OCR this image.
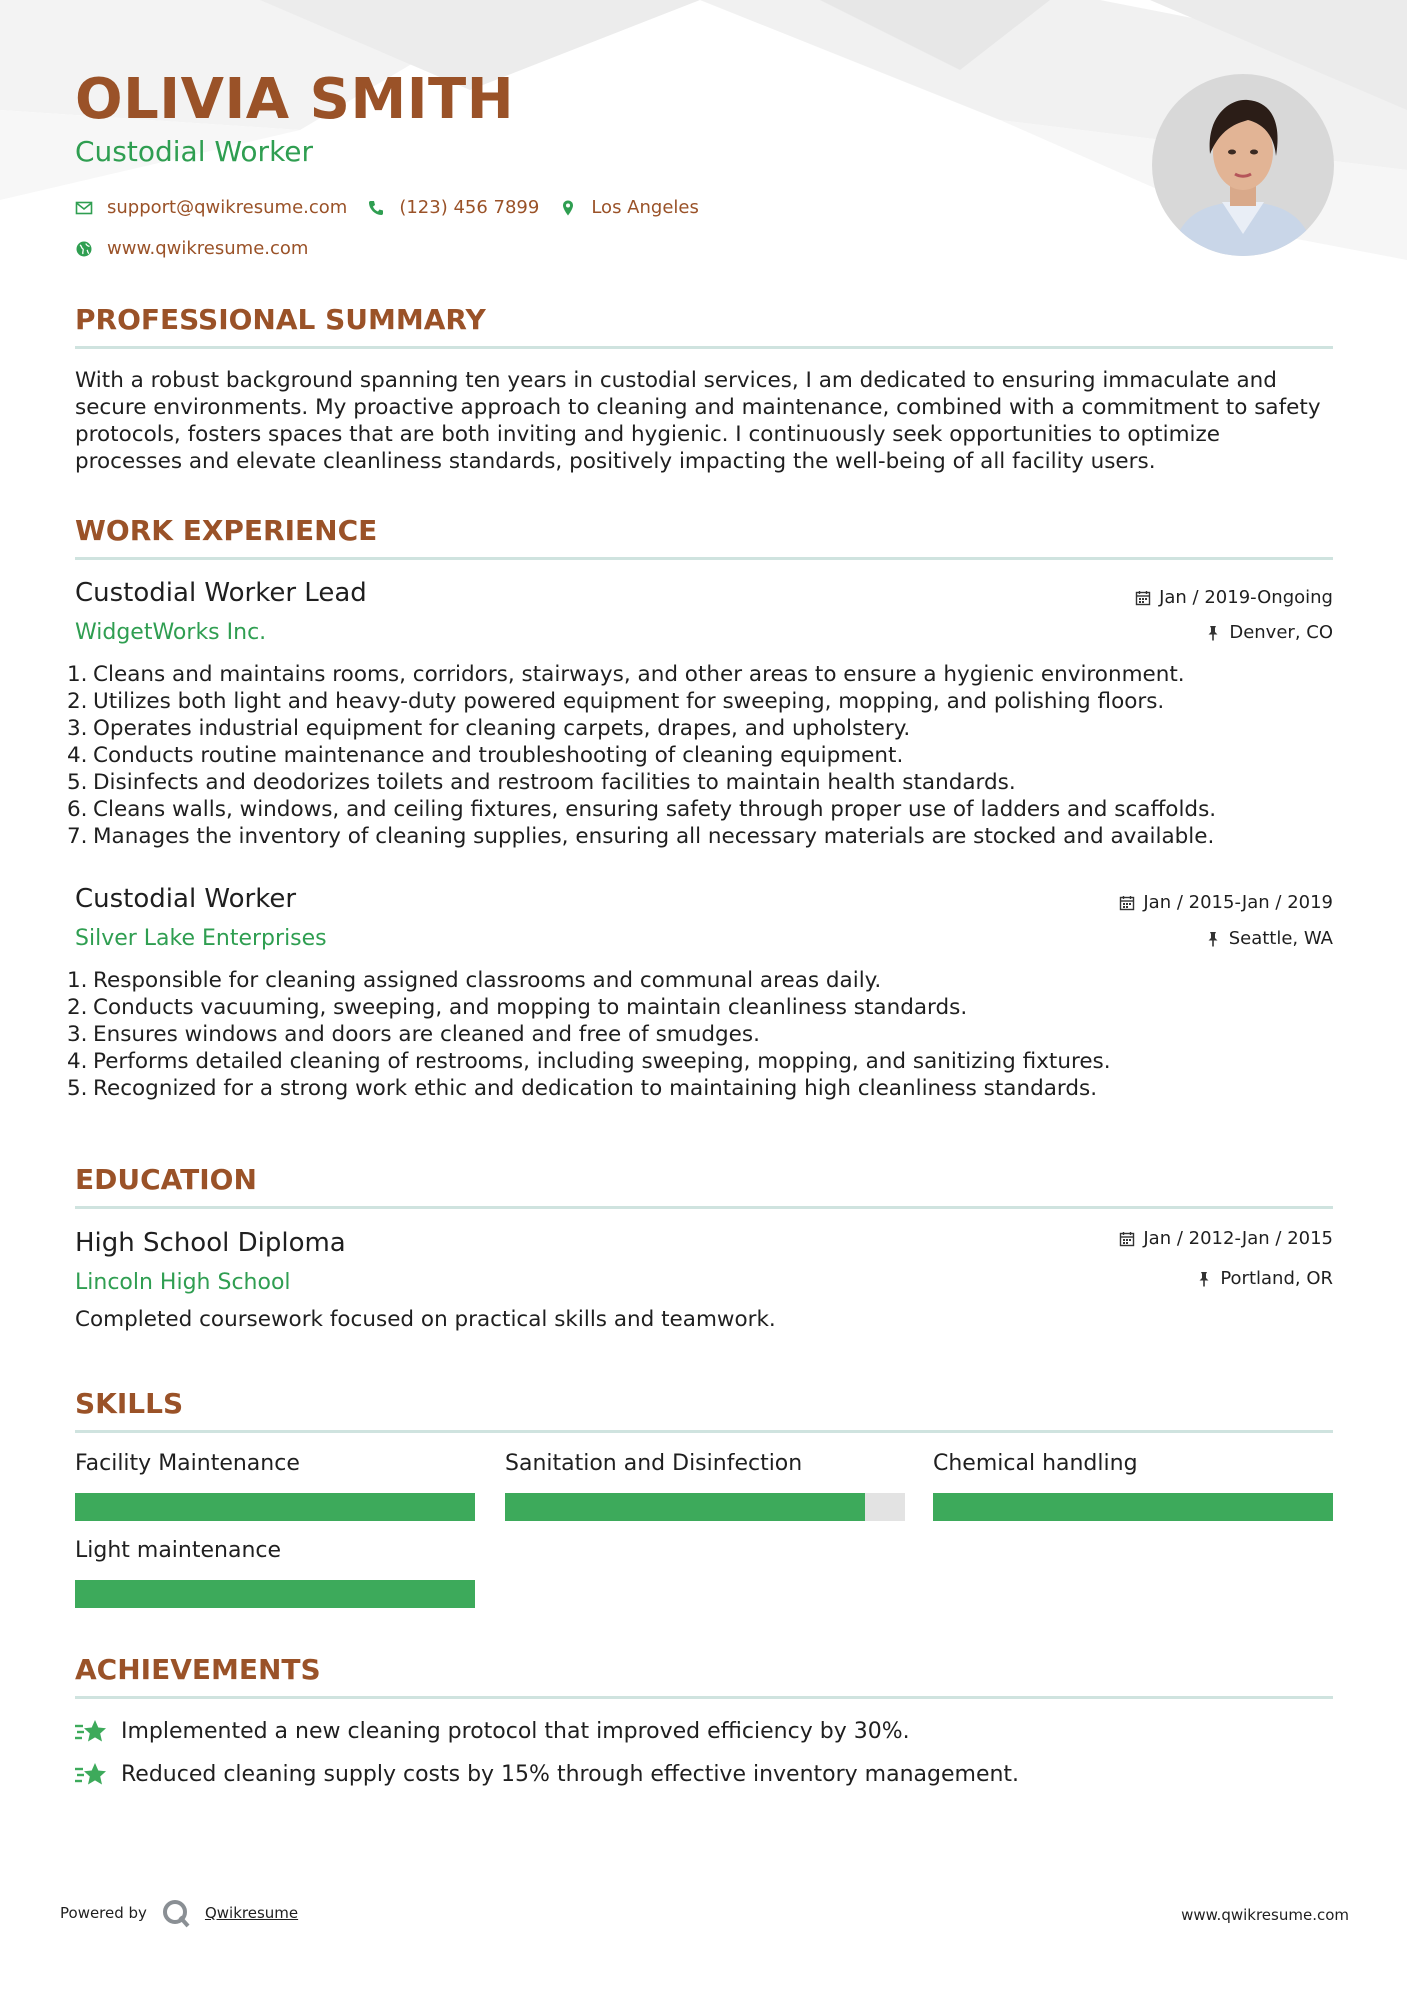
OLIVIA SMITH
Custodial Worker
support@qwikresume.com	(123) 456 7899	Los Angeles
www.qwikresume.com
PROFESSIONAL SUMMARY

With a robust background spanning ten years in custodial services, I am dedicated to ensuring immaculate and secure environments. My proactive approach to cleaning and maintenance, combined with a commitment to safety protocols, fosters spaces that are both inviting and hygienic. I continuously seek opportunities to optimize processes and elevate cleanliness standards, positively impacting the well-being of all facility users.

WORK EXPERIENCE
Custodial Worker Lead	Jan / 2019-Ongoing
WidgetWorks Inc.	Denver, CO
1. Cleans and maintains rooms, corridors, stairways, and other areas to ensure a hygienic environment.
2. Utilizes both light and heavy-duty powered equipment for sweeping, mopping, and polishing floors.
3. Operates industrial equipment for cleaning carpets, drapes, and upholstery.
4. Conducts routine maintenance and troubleshooting of cleaning equipment.
5. Disinfects and deodorizes toilets and restroom facilities to maintain health standards.
6. Cleans walls, windows, and ceiling fixtures, ensuring safety through proper use of ladders and scaffolds.
7. Manages the inventory of cleaning supplies, ensuring all necessary materials are stocked and available.
Custodial Worker	Jan / 2015-Jan / 2019
Silver Lake Enterprises	Seattle, WA
1. Responsible for cleaning assigned classrooms and communal areas daily.
2. Conducts vacuuming, sweeping, and mopping to maintain cleanliness standards.
3. Ensures windows and doors are cleaned and free of smudges.
4. Performs detailed cleaning of restrooms, including sweeping, mopping, and sanitizing fixtures.
5. Recognized for a strong work ethic and dedication to maintaining high cleanliness standards.
EDUCATION
High School Diploma	Jan / 2012-Jan / 2015
Lincoln High School	Portland, OR

Completed coursework focused on practical skills and teamwork.

SKILLS
Facility Maintenance	Sanitation and Disinfection	Chemical handling
Light maintenance
ACHIEVEMENTS
Implemented a new cleaning protocol that improved efficiency by 30%.
Reduced cleaning supply costs by 15% through effective inventory management.
Powered by	Qwikresume	www.qwikresume.com
